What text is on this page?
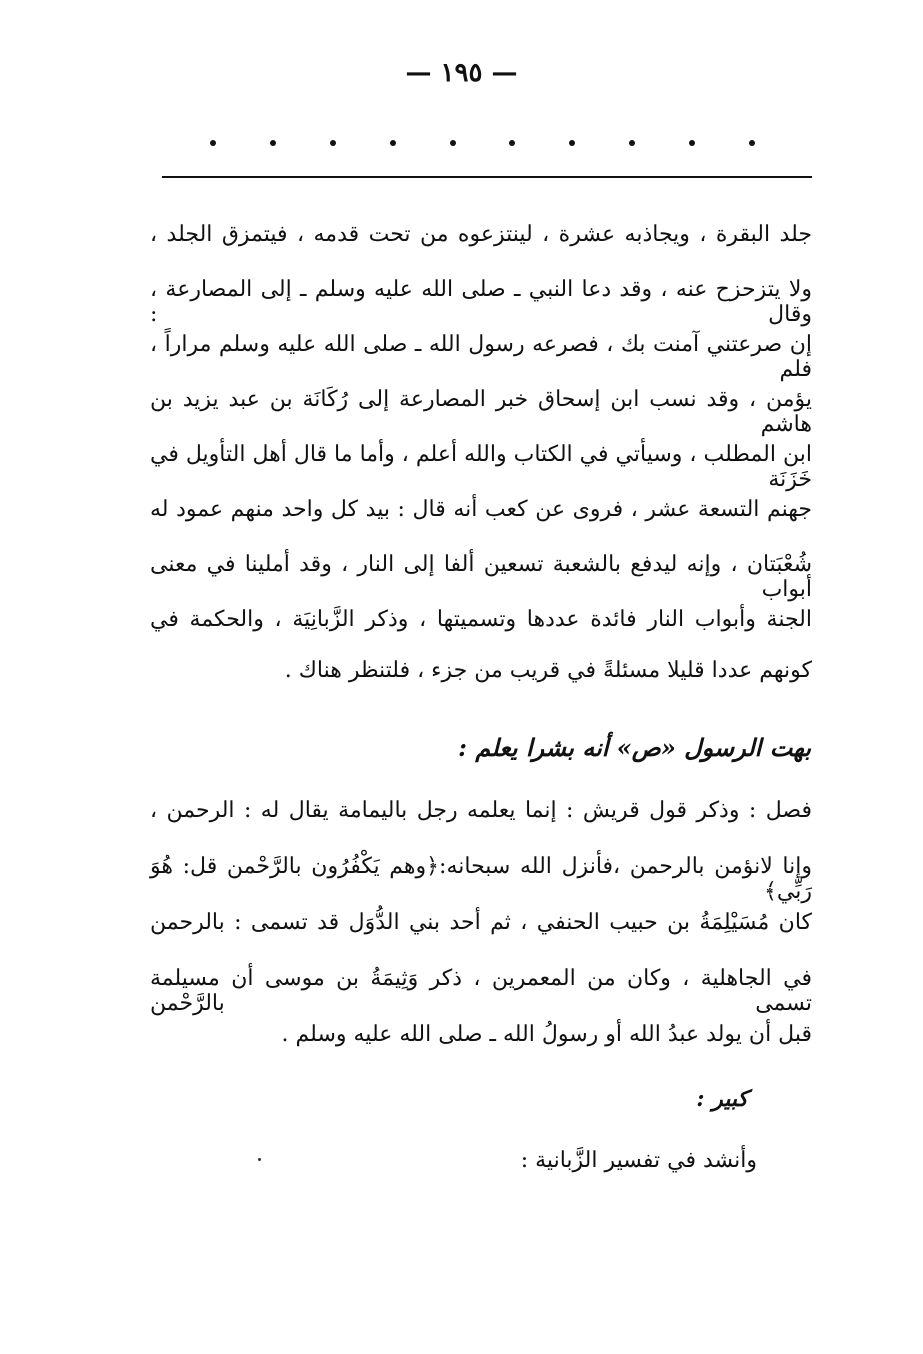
— ١٩٥ —
جلد البقرة ، ويجاذبه عشرة ، لينتزعوه من تحت قدمه ، فيتمزق الجلد ،
ولا يتزحزح عنه ، وقد دعا النبي ـ صلى الله عليه وسلم ـ إلى المصارعة ، وقال :
إن صرعتني آمنت بك ، فصرعه رسول الله ـ صلى الله عليه وسلم مراراً ، فلم
يؤمن ، وقد نسب ابن إسحاق خبر المصارعة إلى رُكَانَة بن عبد يزيد بن هاشم
ابن المطلب ، وسيأتي في الكتاب والله أعلم ، وأما ما قال أهل التأويل في خَزَنَة
جهنم التسعة عشر ، فروى عن كعب أنه قال : بيد كل واحد منهم عمود له
شُعْبَتان ، وإنه ليدفع بالشعبة تسعين ألفا إلى النار ، وقد أملينا في معنى أبواب
الجنة وأبواب النار فائدة عددها وتسميتها ، وذكر الزَّبانِيَة ، والحكمة في
كونهم عددا قليلا مسئلةً في قريب من جزء ، فلتنظر هناك .
بهت الرسول «ص» أنه بشرا يعلم :
فصل : وذكر قول قريش : إنما يعلمه رجل باليمامة يقال له : الرحمن ،
وإنا لانؤمن بالرحمن ،فأنزل الله سبحانه:﴿وهم يَكْفُرُون بالرَّحْمن قل: هُوَ رَبِّي﴾
كان مُسَيْلِمَةُ بن حبيب الحنفي ، ثم أحد بني الدُّوَل قد تسمى : بالرحمن
في الجاهلية ، وكان من المعمرين ، ذكر وَثِيمَةُ بن موسى أن مسيلمة تسمى بالرَّحْمن
قبل أن يولد عبدُ الله أو رسولُ الله ـ صلى الله عليه وسلم .
كبير :
وأنشد في تفسير الزَّبانية :
